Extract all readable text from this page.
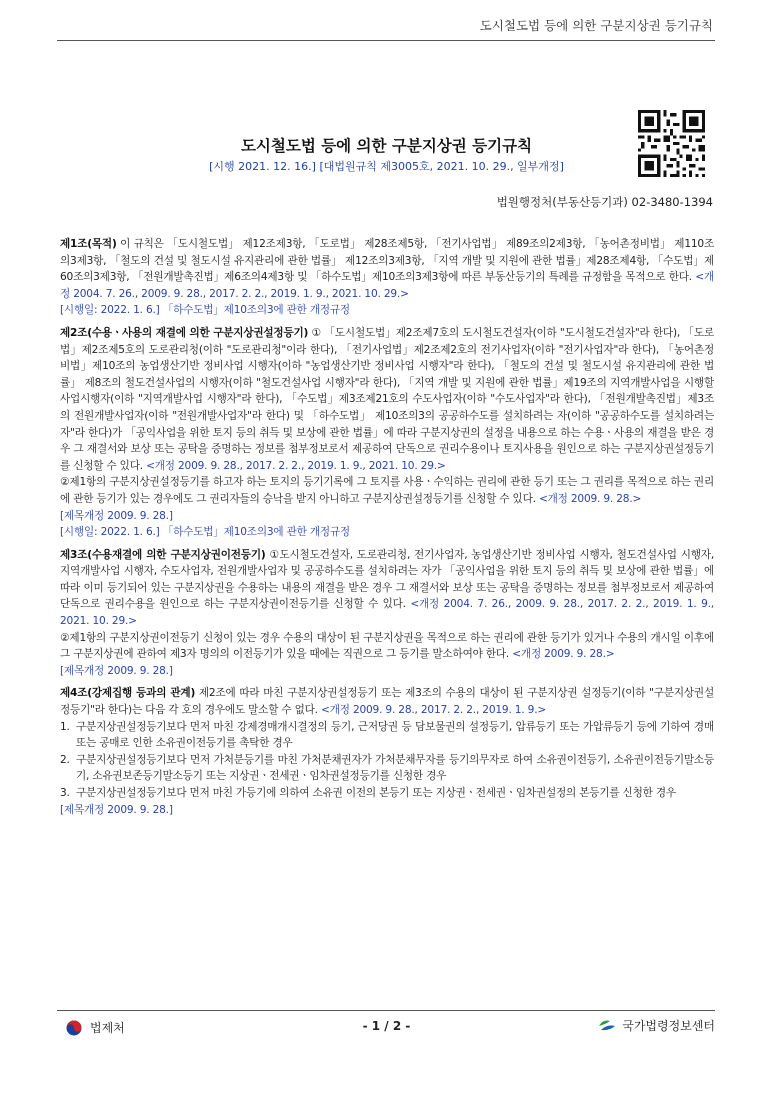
도시철도법 등에 의한 구분지상권 등기규칙
도시철도법 등에 의한 구분지상권 등기규칙
[시행 2021. 12. 16.] [대법원규칙 제3005호, 2021. 10. 29., 일부개정]
법원행정처(부동산등기과) 02-3480-1394

제1조(목적) 이 규칙은 「도시철도법」 제12조제3항, 「도로법」 제28조제5항, 「전기사업법」 제89조의2제3항, 「농어촌정비법」 제110조의3제3항, 「철도의 건설 및 철도시설 유지관리에 관한 법률」 제12조의3제3항, 「지역 개발 및 지원에 관한 법률」제28조제4항, 「수도법」제60조의3제3항, 「전원개발촉진법」제6조의4제3항 및 「하수도법」제10조의3제3항에 따른 부동산등기의 특례를 규정함을 목적으로 한다. <개정 2004. 7. 26., 2009. 9. 28., 2017. 2. 2., 2019. 1. 9., 2021. 10. 29.>

[시행일: 2022. 1. 6.] 「하수도법」제10조의3에 관한 개정규정

제2조(수용ㆍ사용의 재결에 의한 구분지상권설정등기) ① 「도시철도법」제2조제7호의 도시철도건설자(이하 "도시철도건설자"라 한다), 「도로법」제2조제5호의 도로관리청(이하 "도로관리청"이라 한다), 「전기사업법」제2조제2호의 전기사업자(이하 "전기사업자"라 한다), 「농어촌정비법」제10조의 농업생산기반 정비사업 시행자(이하 "농업생산기반 정비사업 시행자"라 한다), 「철도의 건설 및 철도시설 유지관리에 관한 법률」 제8조의 철도건설사업의 시행자(이하 "철도건설사업 시행자"라 한다), 「지역 개발 및 지원에 관한 법률」제19조의 지역개발사업을 시행할 사업시행자(이하 "지역개발사업 시행자"라 한다), 「수도법」제3조제21호의 수도사업자(이하 "수도사업자"라 한다), 「전원개발촉진법」제3조의 전원개발사업자(이하 "전원개발사업자"라 한다) 및 「하수도법」 제10조의3의 공공하수도를 설치하려는 자(이하 "공공하수도를 설치하려는 자"라 한다)가 「공익사업을 위한 토지 등의 취득 및 보상에 관한 법률」에 따라 구분지상권의 설정을 내용으로 하는 수용ㆍ사용의 재결을 받은 경우 그 재결서와 보상 또는 공탁을 증명하는 정보를 첨부정보로서 제공하여 단독으로 권리수용이나 토지사용을 원인으로 하는 구분지상권설정등기를 신청할 수 있다. <개정 2009. 9. 28., 2017. 2. 2., 2019. 1. 9., 2021. 10. 29.>

②제1항의 구분지상권설정등기를 하고자 하는 토지의 등기기록에 그 토지를 사용ㆍ수익하는 권리에 관한 등기 또는 그 권리를 목적으로 하는 권리에 관한 등기가 있는 경우에도 그 권리자들의 승낙을 받지 아니하고 구분지상권설정등기를 신청할 수 있다. <개정 2009. 9. 28.>

[제목개정 2009. 9. 28.]

[시행일: 2022. 1. 6.] 「하수도법」제10조의3에 관한 개정규정

제3조(수용재결에 의한 구분지상권이전등기) ①도시철도건설자, 도로관리청, 전기사업자, 농업생산기반 정비사업 시행자, 철도건설사업 시행자, 지역개발사업 시행자, 수도사업자, 전원개발사업자 및 공공하수도를 설치하려는 자가 「공익사업을 위한 토지 등의 취득 및 보상에 관한 법률」에 따라 이미 등기되어 있는 구분지상권을 수용하는 내용의 재결을 받은 경우 그 재결서와 보상 또는 공탁을 증명하는 정보를 첨부정보로서 제공하여 단독으로 권리수용을 원인으로 하는 구분지상권이전등기를 신청할 수 있다. <개정 2004. 7. 26., 2009. 9. 28., 2017. 2. 2., 2019. 1. 9., 2021. 10. 29.>

②제1항의 구분지상권이전등기 신청이 있는 경우 수용의 대상이 된 구분지상권을 목적으로 하는 권리에 관한 등기가 있거나 수용의 개시일 이후에 그 구분지상권에 관하여 제3자 명의의 이전등기가 있을 때에는 직권으로 그 등기를 말소하여야 한다. <개정 2009. 9. 28.>

[제목개정 2009. 9. 28.]

제4조(강제집행 등과의 관계) 제2조에 따라 마친 구분지상권설정등기 또는 제3조의 수용의 대상이 된 구분지상권 설정등기(이하 "구분지상권설정등기"라 한다)는 다음 각 호의 경우에도 말소할 수 없다. <개정 2009. 9. 28., 2017. 2. 2., 2019. 1. 9.>

1. 구분지상권설정등기보다 먼저 마친 강제경매개시결정의 등기, 근저당권 등 담보물권의 설정등기, 압류등기 또는 가압류등기 등에 기하여 경매 또는 공매로 인한 소유권이전등기를 촉탁한 경우
2. 구분지상권설정등기보다 먼저 가처분등기를 마친 가처분채권자가 가처분채무자를 등기의무자로 하여 소유권이전등기, 소유권이전등기말소등기, 소유권보존등기말소등기 또는 지상권ㆍ전세권ㆍ임차권설정등기를 신청한 경우
3. 구분지상권설정등기보다 먼저 마친 가등기에 의하여 소유권 이전의 본등기 또는 지상권ㆍ전세권ㆍ임차권설정의 본등기를 신청한 경우

[제목개정 2009. 9. 28.]

법제처	- 1 / 2 -	국가법령정보센터
